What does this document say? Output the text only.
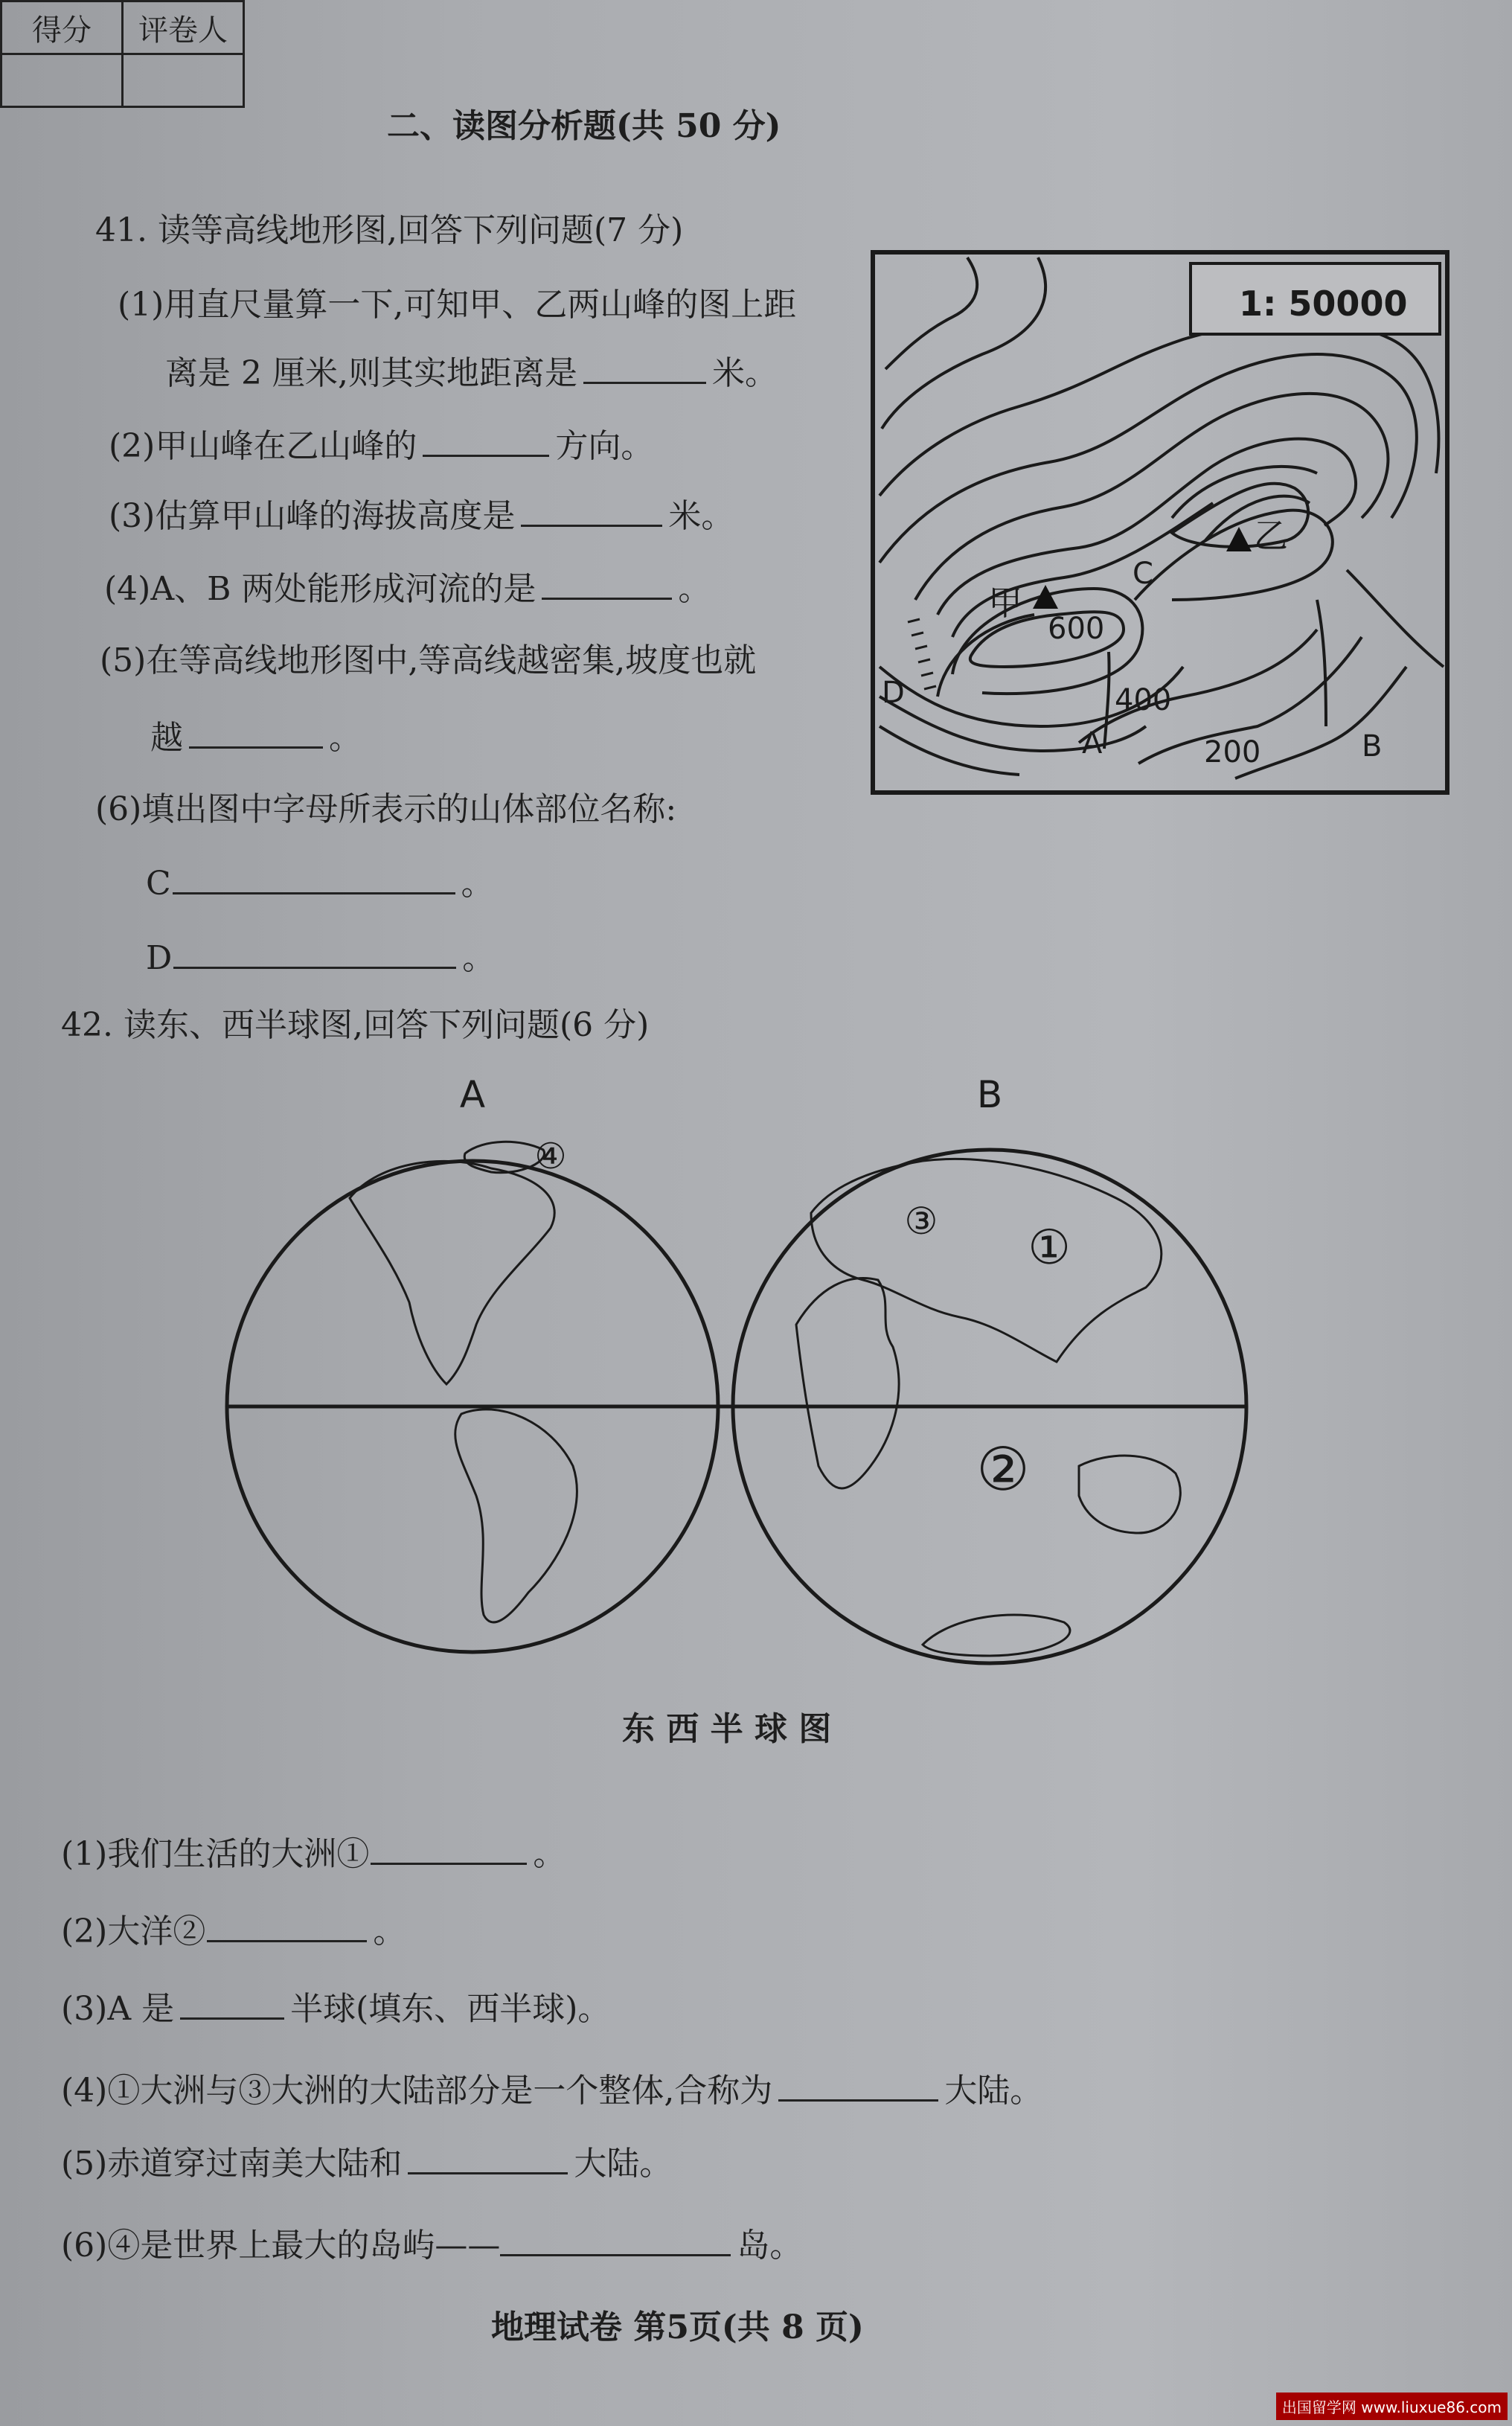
得分	评卷人

二、读图分析题(共 50 分)
41. 读等高线地形图,回答下列问题(7 分)
(1)用直尺量算一下,可知甲、乙两山峰的图上距
离是 2 厘米,则其实地距离是	米。
(2)甲山峰在乙山峰的	方向。
(3)估算甲山峰的海拔高度是	米。
(4)A、B 两处能形成河流的是	。
(5)在等高线地形图中,等高线越密集,坡度也就
越	。
(6)填出图中字母所表示的山体部位名称:
C	。
D	。
1: 50000
乙
甲
600
400
200
C
D
A	B
42. 读东、西半球图,回答下列问题(6 分)
A	B
④
③ ①
②
东 西 半 球 图
(1)我们生活的大洲①	。
(2)大洋②	。
(3)A 是	半球(填东、西半球)。
(4)①大洲与③大洲的大陆部分是一个整体,合称为	大陆。
(5)赤道穿过南美大陆和	大陆。
(6)④是世界上最大的岛屿——	岛。
地理试卷 第5页(共 8 页)
出国留学网 www.liuxue86.com
